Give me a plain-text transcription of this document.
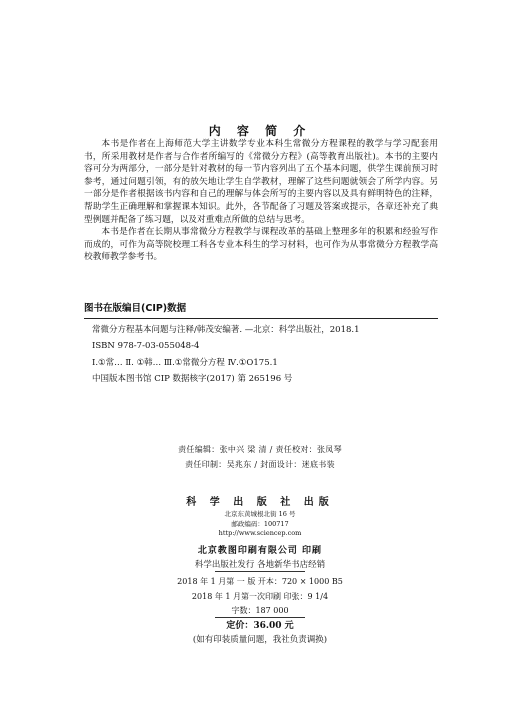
内 容 简 介

本书是作者在上海师范大学主讲数学专业本科生常微分方程课程的教学与学习配套用书，所采用教材是作者与合作者所编写的《常微分方程》(高等教育出版社)。本书的主要内容可分为两部分，一部分是针对教材的每一节内容列出了五个基本问题，供学生课前预习时参考，通过问题引领，有的放矢地让学生自学教材，理解了这些问题就领会了所学内容。另一部分是作者根据该书内容和自己的理解与体会所写的主要内容以及具有鲜明特色的注释，帮助学生正确理解和掌握课本知识。此外，各节配备了习题及答案或提示，各章还补充了典型例题并配备了练习题，以及对重难点所做的总结与思考。

本书是作者在长期从事常微分方程教学与课程改革的基础上整理多年的积累和经验写作而成的，可作为高等院校理工科各专业本科生的学习材料，也可作为从事常微分方程教学高校教师教学参考书。

图书在版编目(CIP)数据
常微分方程基本问题与注释/韩茂安编著. —北京：科学出版社，2018.1
ISBN 978-7-03-055048-4
Ⅰ.①常… Ⅱ. ①韩… Ⅲ.①常微分方程 Ⅳ.①O175.1
中国版本图书馆 CIP 数据核字(2017) 第 265196 号
责任编辑：张中兴 梁 清 / 责任校对：张凤琴
责任印制：吴兆东 / 封面设计：迷底书装
科 学 出 版 社 出版
北京东黄城根北街 16 号
邮政编码：100717
http://www.sciencep.com
北京教图印刷有限公司 印刷
科学出版社发行 各地新华书店经销
2018 年 1 月第 一 版 开本：720 × 1000 B5
2018 年 1 月第一次印刷 印张：9 1/4
字数：187 000
定价：36.00 元
(如有印装质量问题，我社负责调换)
